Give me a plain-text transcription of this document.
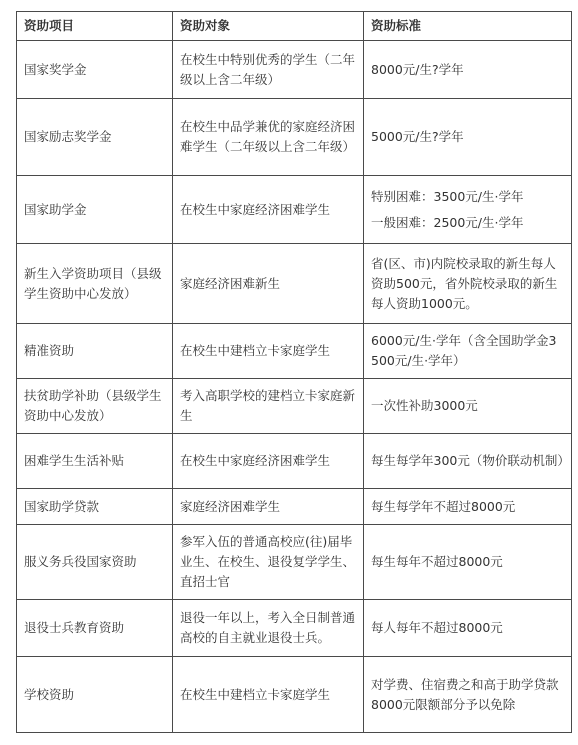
资助项目	资助对象	资助标准
国家奖学金	在校生中特别优秀的学生（二年级以上含二年级）	8000元/生?学年
国家励志奖学金	在校生中品学兼优的家庭经济困难学生（二年级以上含二年级）	5000元/生?学年
国家助学金	在校生中家庭经济困难学生	特别困难：3500元/生·学年
一般困难：2500元/生·学年

新生入学资助项目（县级学生资助中心发放）	家庭经济困难新生	省(区、市)内院校录取的新生每人资助500元，省外院校录取的新生每人资助1000元。
精准资助	在校生中建档立卡家庭学生	6000元/生·学年（含全国助学金3500元/生·学年）
扶贫助学补助（县级学生资助中心发放）	考入高职学校的建档立卡家庭新生	一次性补助3000元
困难学生生活补贴	在校生中家庭经济困难学生	每生每学年300元（物价联动机制）
国家助学贷款	家庭经济困难学生	每生每学年不超过8000元
服义务兵役国家资助	参军入伍的普通高校应(往)届毕业生、在校生、退役复学学生、直招士官	每生每年不超过8000元
退役士兵教育资助	退役一年以上，考入全日制普通高校的自主就业退役士兵。	每人每年不超过8000元
学校资助	在校生中建档立卡家庭学生	对学费、住宿费之和高于助学贷款8000元限额部分予以免除
